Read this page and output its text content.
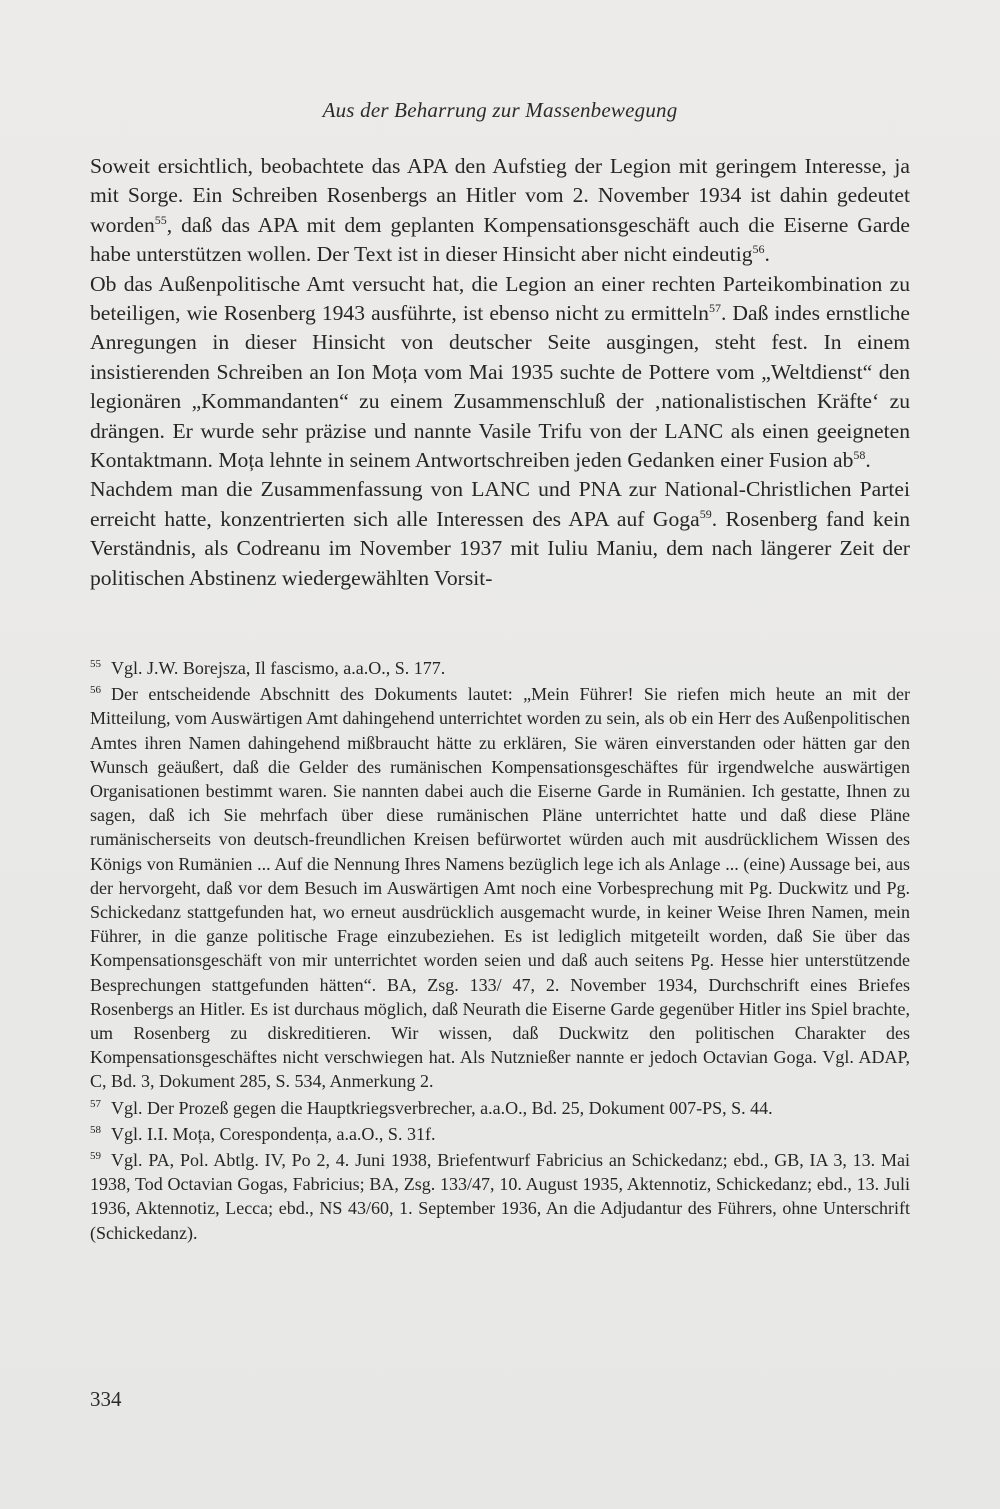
Aus der Beharrung zur Massenbewegung

Soweit ersichtlich, beobachtete das APA den Aufstieg der Legion mit geringem Interesse, ja mit Sorge. Ein Schreiben Rosenbergs an Hitler vom 2. November 1934 ist dahin gedeutet worden$^{55}$, daß das APA mit dem geplanten Kompensationsgeschäft auch die Eiserne Garde habe unterstützen wollen. Der Text ist in dieser Hinsicht aber nicht eindeutig$^{56}$.

Ob das Außenpolitische Amt versucht hat, die Legion an einer rechten Parteikombination zu beteiligen, wie Rosenberg 1943 ausführte, ist ebenso nicht zu ermitteln$^{57}$. Daß indes ernstliche Anregungen in dieser Hinsicht von deutscher Seite ausgingen, steht fest. In einem insistierenden Schreiben an Ion Moța vom Mai 1935 suchte de Pottere vom „Weltdienst“ den legionären „Kommandanten“ zu einem Zusammenschluß der ‚nationalistischen Kräfte‘ zu drängen. Er wurde sehr präzise und nannte Vasile Trifu von der LANC als einen geeigneten Kontaktmann. Moța lehnte in seinem Antwortschreiben jeden Gedanken einer Fusion $ab^{58}$.

Nachdem man die Zusammenfassung von LANC und PNA zur National-Christlichen Partei erreicht hatte, konzentrierten sich alle Interessen des APA auf Goga$^{59}$. Rosenberg fand kein Verständnis, als Codreanu im November 1937 mit Iuliu Maniu, dem nach längerer Zeit der politischen Abstinenz wiedergewählten Vorsit-

$^{55}$ Vgl. J.W. Borejsza, Il fascismo, a.a.O., S. 177.

$^{56}$ Der entscheidende Abschnitt des Dokuments lautet: „Mein Führer! Sie riefen mich heute an mit der Mitteilung, vom Auswärtigen Amt dahingehend unterrichtet worden zu sein, als ob ein Herr des Außenpolitischen Amtes ihren Namen dahingehend mißbraucht hätte zu erklären, Sie wären einverstanden oder hätten gar den Wunsch geäußert, daß die Gelder des rumänischen Kompensationsgeschäftes für irgendwelche auswärtigen Organisationen bestimmt waren. Sie nannten dabei auch die Eiserne Garde in Rumänien. Ich gestatte, Ihnen zu sagen, daß ich Sie mehrfach über diese rumänischen Pläne unterrichtet hatte und daß diese Pläne rumänischerseits von deutsch-freundlichen Kreisen befürwortet würden auch mit ausdrücklichem Wissen des Königs von Rumänien ... Auf die Nennung Ihres Namens bezüglich lege ich als Anlage ... (eine) Aussage bei, aus der hervorgeht, daß vor dem Besuch im Auswärtigen Amt noch eine Vorbesprechung mit Pg. Duckwitz und Pg. Schickedanz stattgefunden hat, wo erneut ausdrücklich ausgemacht wurde, in keiner Weise Ihren Namen, mein Führer, in die ganze politische Frage einzubeziehen. Es ist lediglich mitgeteilt worden, daß Sie über das Kompensationsgeschäft von mir unterrichtet worden seien und daß auch seitens Pg. Hesse hier unterstützende Besprechungen stattgefunden hätten“. BA, Zsg. 133/ 47, 2. November 1934, Durchschrift eines Briefes Rosenbergs an Hitler. Es ist durchaus möglich, daß Neurath die Eiserne Garde gegenüber Hitler ins Spiel brachte, um Rosenberg zu diskreditieren. Wir wissen, daß Duckwitz den politischen Charakter des Kompensationsgeschäftes nicht verschwiegen hat. Als Nutznießer nannte er jedoch Octavian Goga. Vgl. ADAP, C, Bd. 3, Dokument 285, S. 534, Anmerkung 2.

$^{57}$ Vgl. Der Prozeß gegen die Hauptkriegsverbrecher, a.a.O., Bd. 25, Dokument 007-PS, S. 44.

$^{58}$ Vgl. I.I. Moța, Corespondența, a.a.O., S. 31f.

$^{59}$ Vgl. PA, Pol. Abtlg. IV, Po 2, 4. Juni 1938, Briefentwurf Fabricius an Schickedanz; ebd., GB, IA 3, 13. Mai 1938, Tod Octavian Gogas, Fabricius; BA, Zsg. 133/47, 10. August 1935, Aktennotiz, Schickedanz; ebd., 13. Juli 1936, Aktennotiz, Lecca; ebd., NS 43/60, 1. September 1936, An die Adjudantur des Führers, ohne Unterschrift (Schickedanz).

334
